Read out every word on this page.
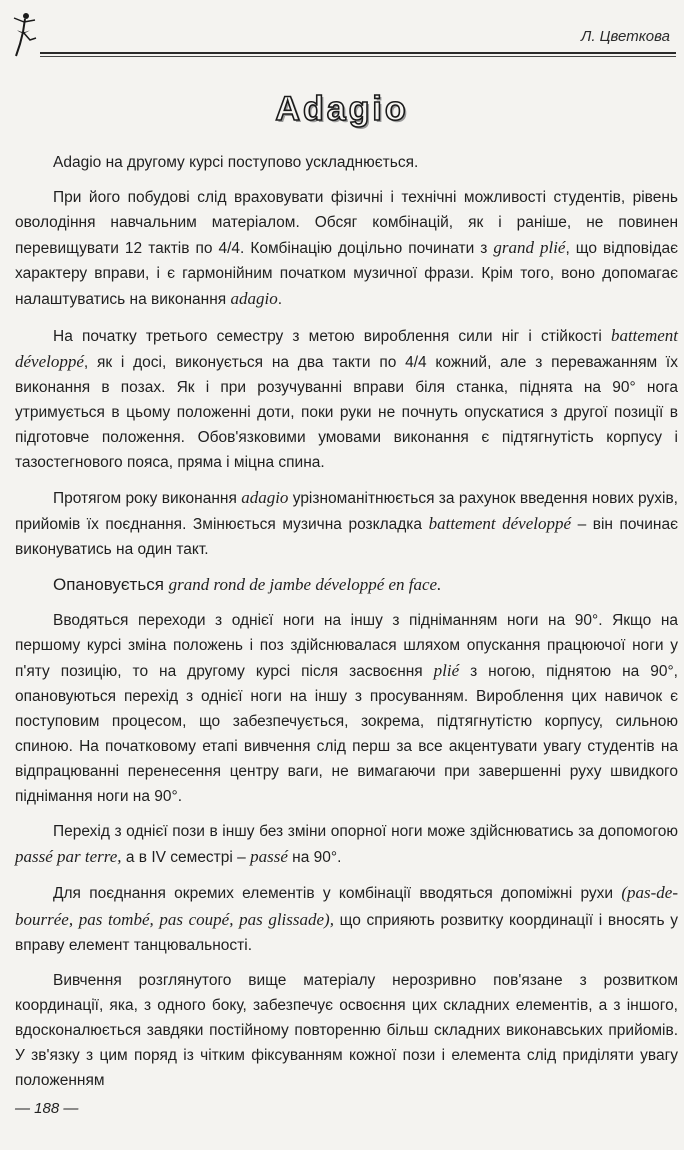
Л. Цветкова
Adagio

Adagio на другому курсі поступово ускладнюється.

При його побудові слід враховувати фізичні і технічні можливості студентів, рівень оволодіння навчальним матеріалом. Обсяг комбінацій, як і раніше, не повинен перевищувати 12 тактів по 4/4. Комбінацію доцільно починати з grand plié, що відповідає характеру вправи, і є гармонійним початком музичної фрази. Крім того, воно допомагає налаштуватись на виконання adagio.

На початку третього семестру з метою вироблення сили ніг і стійкості battement développé, як і досі, виконується на два такти по 4/4 кожний, але з переважанням їх виконання в позах. Як і при розучуванні вправи біля станка, піднята на 90° нога утримується в цьому положенні доти, поки руки не почнуть опускатися з другої позиції в підготовче положення. Обов'язковими умовами виконання є підтягнутість корпусу і тазостегнового пояса, пряма і міцна спина.

Протягом року виконання adagio урізноманітнюється за рахунок введення нових рухів, прийомів їх поєднання. Змінюється музична розкладка battement développé – він починає виконуватись на один такт.

Опановується grand rond de jambe développé en face.

Вводяться переходи з однієї ноги на іншу з підніманням ноги на 90°. Якщо на першому курсі зміна положень і поз здійснювалася шляхом опускання працюючої ноги у п'яту позицію, то на другому курсі після засвоєння plié з ногою, піднятою на 90°, опановуються перехід з однієї ноги на іншу з просуванням. Вироблення цих навичок є поступовим процесом, що забезпечується, зокрема, підтягнутістю корпусу, сильною спиною. На початковому етапі вивчення слід перш за все акцентувати увагу студентів на відпрацюванні перенесення центру ваги, не вимагаючи при завершенні руху швидкого піднімання ноги на 90°.

Перехід з однієї пози в іншу без зміни опорної ноги може здійснюватись за допомогою passé par terre, а в IV семестрі – passé на 90°.

Для поєднання окремих елементів у комбінації вводяться допоміжні рухи (pas-de-bourrée, pas tombé, pas coupé, pas glissade), що сприяють розвитку координації і вносять у вправу елемент танцювальності.

Вивчення розглянутого вище матеріалу нерозривно пов'язане з розвитком координації, яка, з одного боку, забезпечує освоєння цих складних елементів, а з іншого, вдосконалюється завдяки постійному повторенню більш складних виконавських прийомів. У зв'язку з цим поряд із чітким фіксуванням кожної пози і елемента слід приділяти увагу положенням

— 188 —
